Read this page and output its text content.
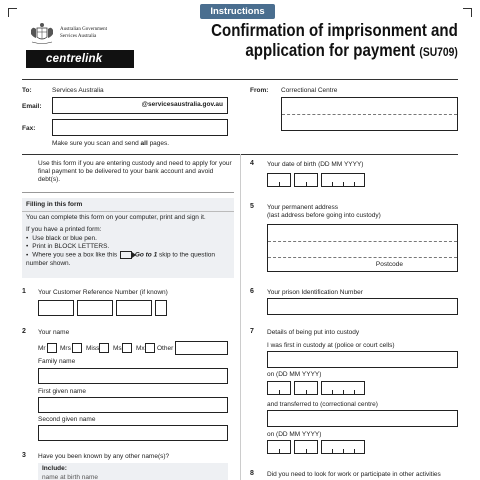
Instructions
Australian Government
Services Australia
centrelink
Confirmation of imprisonment and
application for payment (SU709)
To:	Services Australia
Email:	@servicesaustralia.gov.au
Fax:
Make sure you scan and send all pages.
From: Correctional Centre
Use this form if you are entering custody and need to apply for your final payment to be delivered to your bank account and avoid debt(s).
Filling in this form
You can complete this form on your computer, print and sign it.
If you have a printed form:
• Use black or blue pen.
• Print in BLOCK LETTERS.
• Where you see a box like this	Go to 1 skip to the question number shown.
1 Your Customer Reference Number (if known)
2 Your name
Mr Mrs Miss Ms Mx Other
Family name
First given name
Second given name
3 Have you been known by any other name(s)?
Include:
name at birth name
4 Your date of birth (DD MM YYYY)
5 Your permanent address
(last address before going into custody)
Postcode
6 Your prison Identification Number
7 Details of being put into custody
I was first in custody at (police or court cells)
on (DD MM YYYY)
and transferred to (correctional centre)
on (DD MM YYYY)
8 Did you need to look for work or participate in other activities
